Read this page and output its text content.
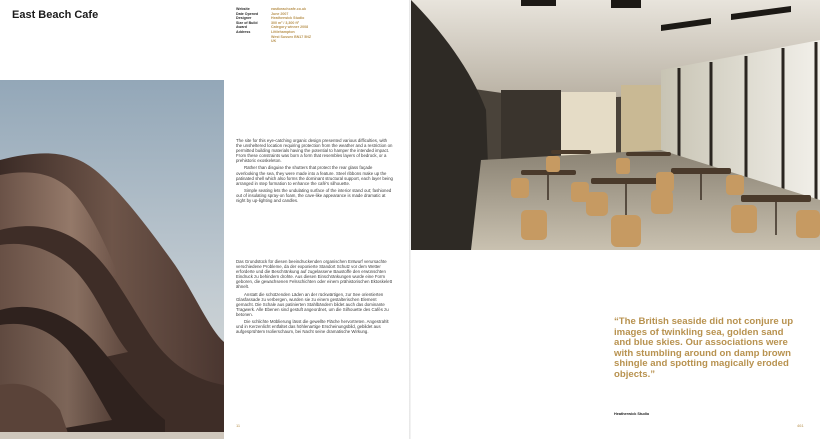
East Beach Cafe	Website	eastbeachcafe.co.uk
Date Opened	June 2007
Designer	Heatherwick Studio
Size of Build	300 m² / 3,300 ft²
Award	Category winner 2008
Address	Littlehampton
West Sussex BN17 5NZ
UK

The site for this eye-catching organic design presented various difficulties, with the unsheltered location requiring protection from the weather and a restriction on permitted building materials having the potential to hamper the intended impact. From these constraints was born a form that resembles layers of bedrock, or a prehistoric exoskeleton.

Rather than disguise the shutters that protect the rear glass façade overlooking the sea, they were made into a feature. Steel ribbons make up the patinated shell which also forms the dominant structural support, each layer being arranged in step formation to enhance the café's silhouette.

Simple seating lets the undulating surface of the interior stand out; fashioned out of insulating spray-on foam, the cave-like appearance is made dramatic at night by up-lighting and candles.

Das Grundstück für diesen beeindruckenden organischen Entwurf verursachte verschiedene Probleme, da der exponierte Standort Schutz vor dem Wetter erforderte und die Beschränkung auf zugelassene Baustoffe den erwünschten Eindruck zu behindern drohte. Aus diesen Einschränkungen wurde eine Form geboren, die gewachsenen Felsschichten oder einem prähistorischen Ektoskelett ähnelt.

Anstatt die schützenden Läden an der rückwärtigen, zur See orientierten Glasfassade zu verbergen, wurden sie zu einem gestalterischen Element gemacht. Die Schale aus patinierten Stahlbändern bildet auch das dominante Tragwerk. Alle Ebenen sind gestuft angeordnet, um die Silhouette des Cafés zu betonen.

Die schlichte Möblierung lässt die gewellte Fläche hervortreten. Angestrahlt und in Kerzenlicht entfaltet das höhlenartige Erscheinungsbild, gebildet aus aufgesprühtem Isolierschaum, bei Nacht seine dramatische Wirkung.

11

“The British seaside did not conjure up images of twinkling sea, golden sand and blue skies. Our associations were with stumbling around on damp brown shingle and spotting magically eroded objects.”

Heatherwick Studio
461
